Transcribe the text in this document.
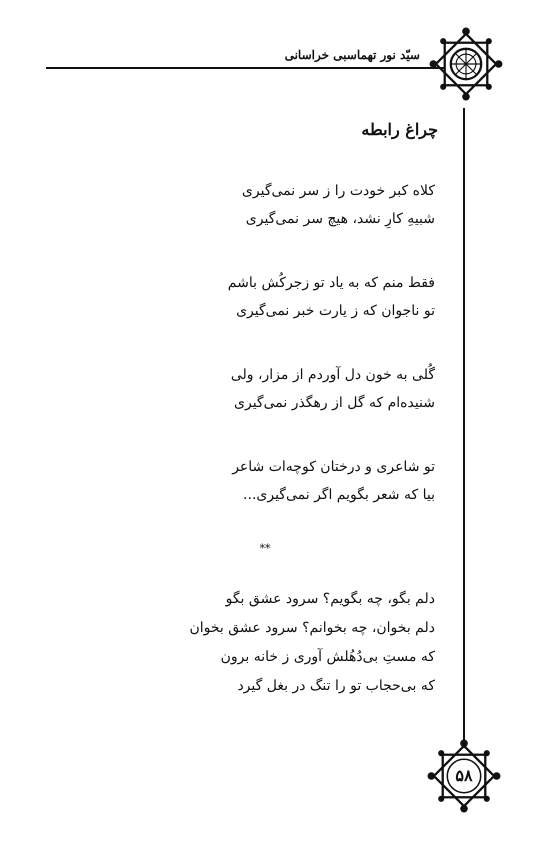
سیّد نور تهماسبی خراسانی
چراغ رابطه
کلاه کبر خودت را ز سر نمی‌گیری
شبیهِ کارِ نشد، هیچ سر نمی‌گیری
فقط منم که به یاد تو زجرکُش باشم
تو ناجوان که ز یارت خبر نمی‌گیری
گُلی به خون دل آوردم از مزار، ولی
شنیده‌ام که گل از رهگذر نمی‌گیری
تو شاعری و درختان کوچه‌ات شاعر
بیا که شعر بگویم اگر نمی‌گیری...
**
دلم بگو، چه بگویم؟ سرود عشق بگو
دلم بخوان، چه بخوانم؟ سرود عشق بخوان
که مستِ بی‌دُهُلش آوری ز خانه برون
که بی‌حجاب تو را تنگ در بغل گیرد
۵۸
